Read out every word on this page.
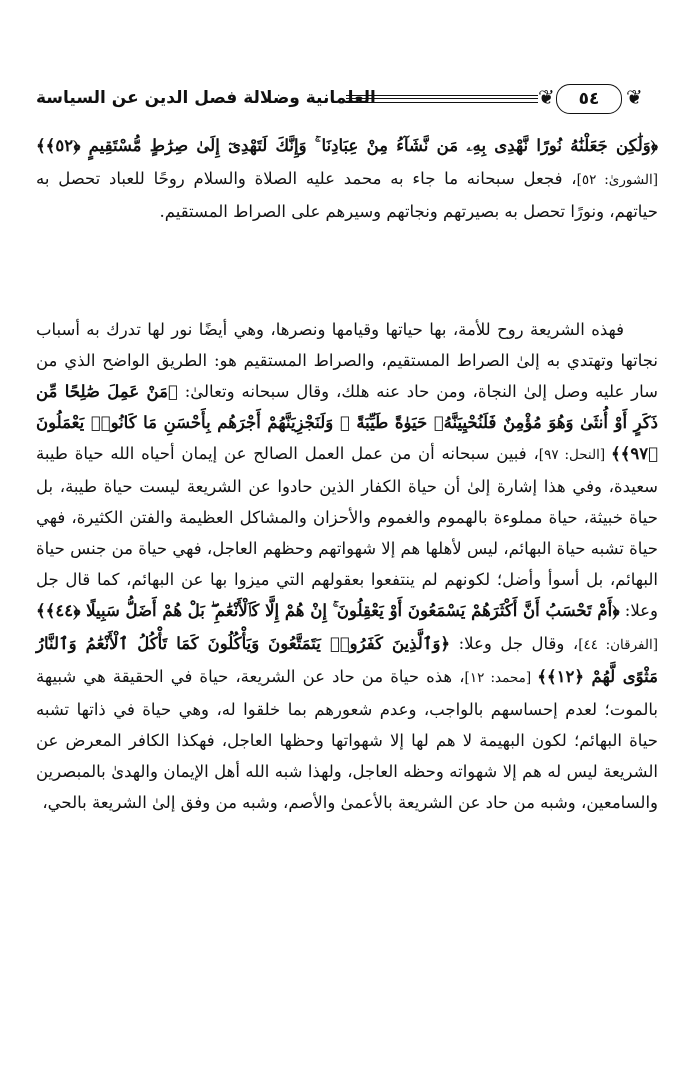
❦
٥٤
❦
العلمانية وضلالة فصل الدين عن السياسة

﴿وَلَٰكِن جَعَلْنَٰهُ نُورًا نَّهْدِى بِهِۦ مَن نَّشَآءُ مِنْ عِبَادِنَا ۚ وَإِنَّكَ لَتَهْدِىٓ إِلَىٰ صِرَٰطٍ مُّسْتَقِيمٍ ﴿٥٢﴾﴾ [الشورىٰ: ٥٢]، فجعل سبحانه ما جاء به محمد عليه الصلاة والسلام روحًا للعباد تحصل به حياتهم، ونورًا تحصل به بصيرتهم ونجاتهم وسيرهم على الصراط المستقيم.

فهذه الشريعة روح للأمة، بها حياتها وقيامها ونصرها، وهي أيضًا نور لها تدرك به أسباب نجاتها وتهتدي به إلىٰ الصراط المستقيم، والصراط المستقيم هو: الطريق الواضح الذي من سار عليه وصل إلىٰ النجاة، ومن حاد عنه هلك، وقال سبحانه وتعالىٰ: ﴿مَنْ عَمِلَ صَٰلِحًا مِّن ذَكَرٍ أَوْ أُنثَىٰ وَهُوَ مُؤْمِنٌ فَلَنُحْيِيَنَّهُۥ حَيَوٰةً طَيِّبَةً ۖ وَلَنَجْزِيَنَّهُمْ أَجْرَهُم بِأَحْسَنِ مَا كَانُوا۟ يَعْمَلُونَ ﴿٩٧﴾﴾ [النحل: ٩٧]، فبين سبحانه أن من عمل العمل الصالح عن إيمان أحياه الله حياة طيبة سعيدة، وفي هذا إشارة إلىٰ أن حياة الكفار الذين حادوا عن الشريعة ليست حياة طيبة، بل حياة خبيثة، حياة مملوءة بالهموم والغموم والأحزان والمشاكل العظيمة والفتن الكثيرة، فهي حياة تشبه حياة البهائم، ليس لأهلها هم إلا شهواتهم وحظهم العاجل، فهي حياة من جنس حياة البهائم، بل أسوأ وأضل؛ لكونهم لم ينتفعوا بعقولهم التي ميزوا بها عن البهائم، كما قال جل وعلا: ﴿أَمْ تَحْسَبُ أَنَّ أَكْثَرَهُمْ يَسْمَعُونَ أَوْ يَعْقِلُونَ ۚ إِنْ هُمْ إِلَّا كَٱلْأَنْعَٰمِ ۖ بَلْ هُمْ أَضَلُّ سَبِيلًا ﴿٤٤﴾﴾ [الفرقان: ٤٤]، وقال جل وعلا: ﴿وَٱلَّذِينَ كَفَرُوا۟ يَتَمَتَّعُونَ وَيَأْكُلُونَ كَمَا تَأْكُلُ ٱلْأَنْعَٰمُ وَٱلنَّارُ مَثْوًى لَّهُمْ ﴿١٢﴾﴾ [محمد: ١٢]، هذه حياة من حاد عن الشريعة، حياة في الحقيقة هي شبيهة بالموت؛ لعدم إحساسهم بالواجب، وعدم شعورهم بما خلقوا له، وهي حياة في ذاتها تشبه حياة البهائم؛ لكون البهيمة لا هم لها إلا شهواتها وحظها العاجل، فهكذا الكافر المعرض عن الشريعة ليس له هم إلا شهواته وحظه العاجل، ولهذا شبه الله أهل الإيمان والهدىٰ بالمبصرين والسامعين، وشبه من حاد عن الشريعة بالأعمىٰ والأصم، وشبه من وفق إلىٰ الشريعة بالحي،
